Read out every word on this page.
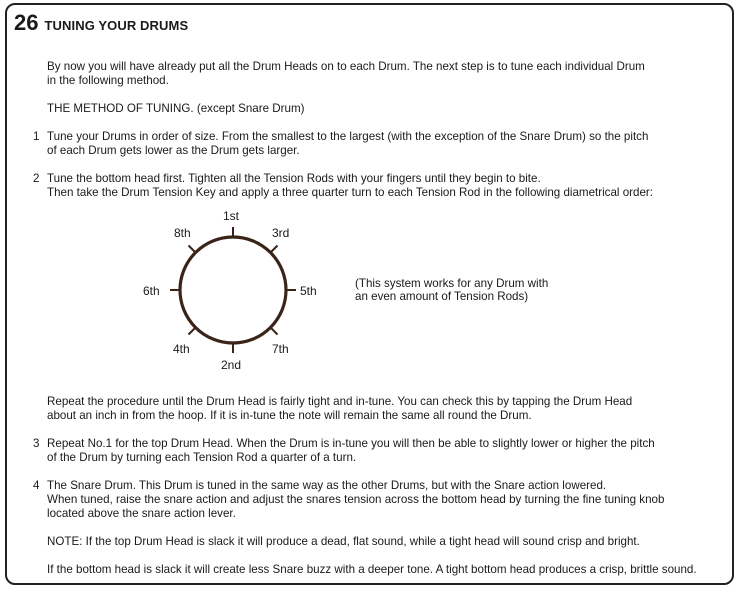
26 TUNING YOUR DRUMS

By now you will have already put all the Drum Heads on to each Drum. The next step is to tune each individual Drum

in the following method.

THE METHOD OF TUNING. (except Snare Drum)

1 Tune your Drums in order of size. From the smallest to the largest (with the exception of the Snare Drum) so the pitch

of each Drum gets lower as the Drum gets larger.

2 Tune the bottom head first. Tighten all the Tension Rods with your fingers until they begin to bite.

Then take the Drum Tension Key and apply a three quarter turn to each Tension Rod in the following diametrical order:

1st
3rd
5th
7th
2nd
4th
6th
8th
(This system works for any Drum with
an even amount of Tension Rods)

Repeat the procedure until the Drum Head is fairly tight and in-tune. You can check this by tapping the Drum Head

about an inch in from the hoop. If it is in-tune the note will remain the same all round the Drum.

3 Repeat No.1 for the top Drum Head. When the Drum is in-tune you will then be able to slightly lower or higher the pitch

of the Drum by turning each Tension Rod a quarter of a turn.

4 The Snare Drum. This Drum is tuned in the same way as the other Drums, but with the Snare action lowered.

When tuned, raise the snare action and adjust the snares tension across the bottom head by turning the fine tuning knob

located above the snare action lever.

NOTE: If the top Drum Head is slack it will produce a dead, flat sound, while a tight head will sound crisp and bright.

If the bottom head is slack it will create less Snare buzz with a deeper tone. A tight bottom head produces a crisp, brittle sound.
